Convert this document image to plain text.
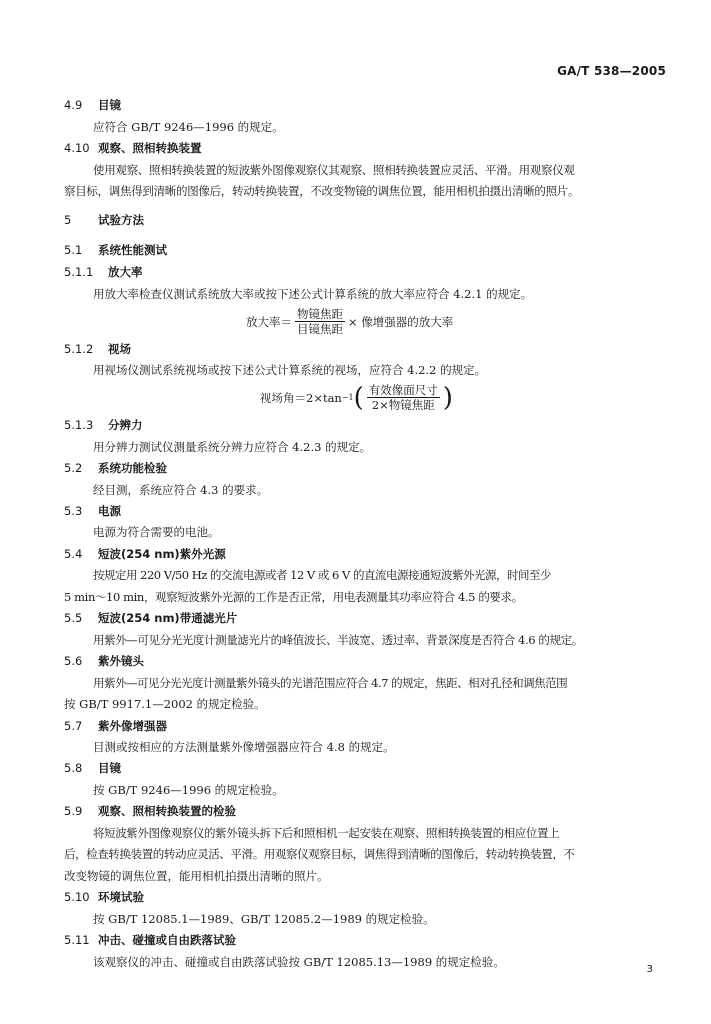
GA/T 538—2005
4.9 目镜
应符合 GB/T 9246—1996 的规定。
4.10 观察、照相转换装置
使用观察、照相转换装置的短波紫外图像观察仪其观察、照相转换装置应灵活、平滑。用观察仪观
察目标，调焦得到清晰的图像后，转动转换装置，不改变物镜的调焦位置，能用相机拍摄出清晰的照片。
5 试验方法
5.1 系统性能测试
5.1.1 放大率
用放大率检查仪测试系统放大率或按下述公式计算系统的放大率应符合 4.2.1 的规定。
放大率＝ $\frac{\text{物镜焦距}}{\text{目镜焦距}}$ × 像增强器的放大率
5.1.2 视场
用视场仪测试系统视场或按下述公式计算系统的视场，应符合 4.2.2 的规定。
视场角＝2×tan −1 ( $\frac{\text{有效像面尺寸}}{\text{2×物镜焦距}}$ )
5.1.3 分辨力
用分辨力测试仪测量系统分辨力应符合 4.2.3 的规定。
5.2 系统功能检验
经目测，系统应符合 4.3 的要求。
5.3 电源
电源为符合需要的电池。
5.4 短波(254 nm)紫外光源
按规定用 220 V/50 Hz 的交流电源或者 12 V 或 6 V 的直流电源接通短波紫外光源，时间至少
5 min～10 min，观察短波紫外光源的工作是否正常，用电表测量其功率应符合 4.5 的要求。
5.5 短波(254 nm)带通滤光片
用紫外—可见分光光度计测量滤光片的峰值波长、半波宽、透过率、背景深度是否符合 4.6 的规定。
5.6 紫外镜头
用紫外—可见分光光度计测量紫外镜头的光谱范围应符合 4.7 的规定，焦距、相对孔径和调焦范围
按 GB/T 9917.1—2002 的规定检验。
5.7 紫外像增强器
目测或按相应的方法测量紫外像增强器应符合 4.8 的规定。
5.8 目镜
按 GB/T 9246—1996 的规定检验。
5.9 观察、照相转换装置的检验
将短波紫外图像观察仪的紫外镜头拆下后和照相机一起安装在观察、照相转换装置的相应位置上
后，检查转换装置的转动应灵活、平滑。用观察仪观察目标，调焦得到清晰的图像后，转动转换装置，不
改变物镜的调焦位置，能用相机拍摄出清晰的照片。
5.10 环境试验
按 GB/T 12085.1—1989、GB/T 12085.2—1989 的规定检验。
5.11 冲击、碰撞或自由跌落试验
该观察仪的冲击、碰撞或自由跌落试验按 GB/T 12085.13—1989 的规定检验。
3
